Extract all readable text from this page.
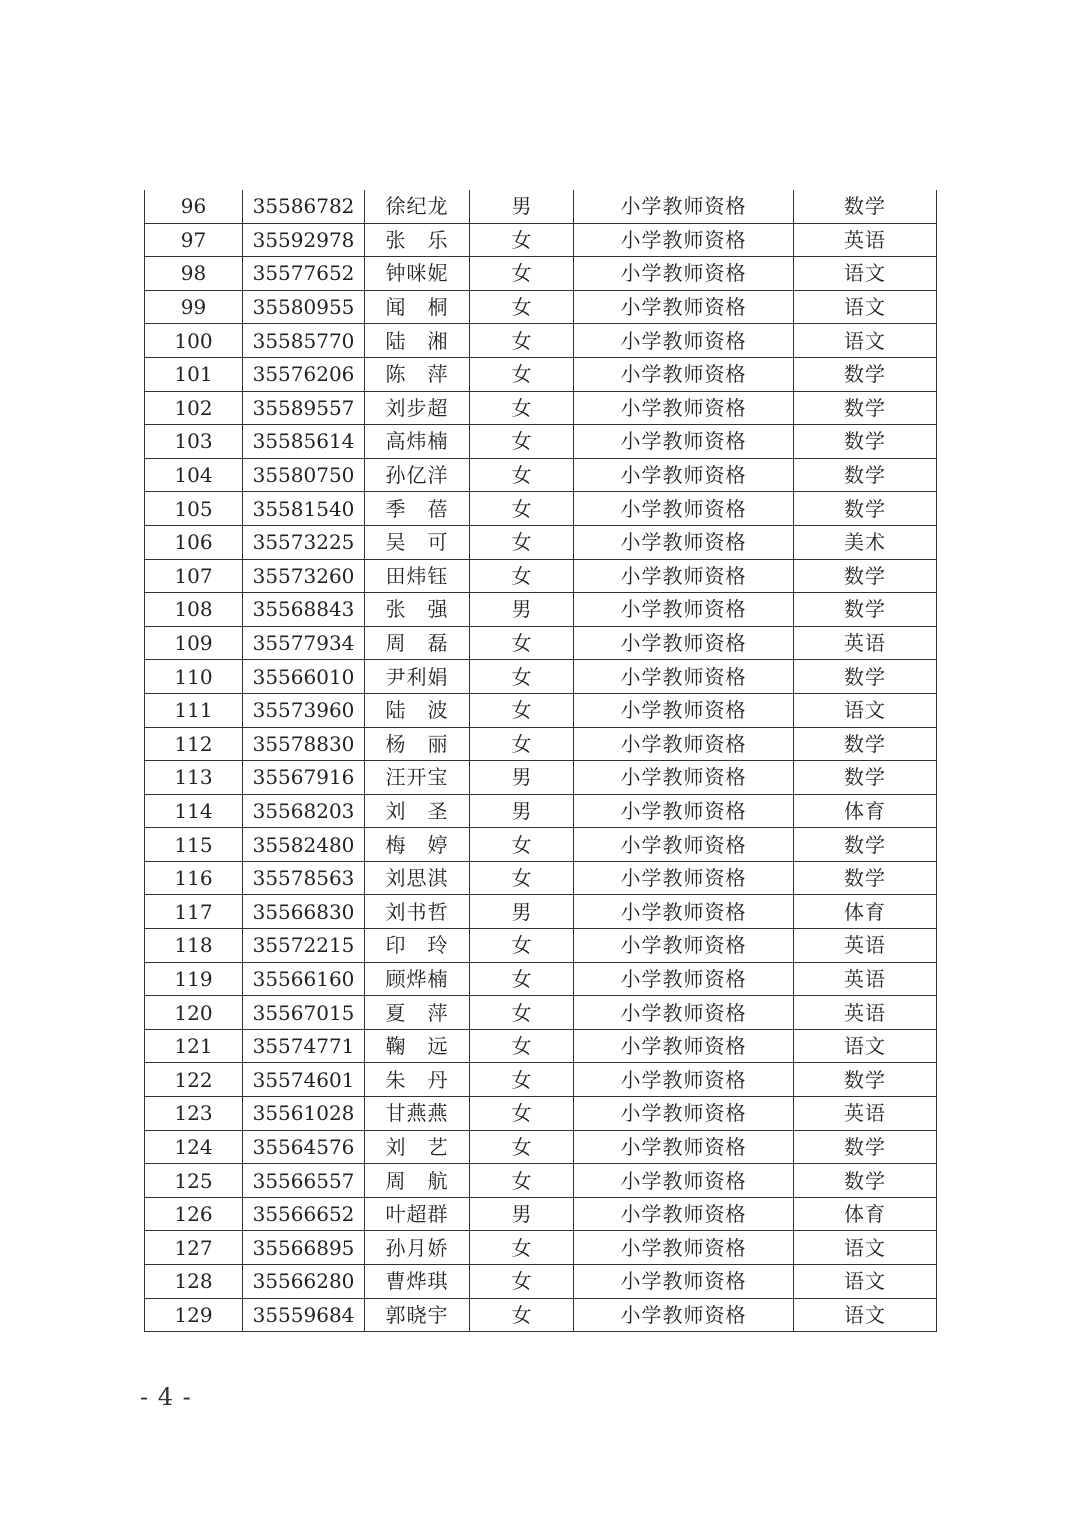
96	35586782	徐纪龙	男	小学教师资格	数学
97	35592978	张　乐	女	小学教师资格	英语
98	35577652	钟咪妮	女	小学教师资格	语文
99	35580955	闻　桐	女	小学教师资格	语文
100	35585770	陆　湘	女	小学教师资格	语文
101	35576206	陈　萍	女	小学教师资格	数学
102	35589557	刘步超	女	小学教师资格	数学
103	35585614	高炜楠	女	小学教师资格	数学
104	35580750	孙亿洋	女	小学教师资格	数学
105	35581540	季　蓓	女	小学教师资格	数学
106	35573225	吴　可	女	小学教师资格	美术
107	35573260	田炜钰	女	小学教师资格	数学
108	35568843	张　强	男	小学教师资格	数学
109	35577934	周　磊	女	小学教师资格	英语
110	35566010	尹利娟	女	小学教师资格	数学
111	35573960	陆　波	女	小学教师资格	语文
112	35578830	杨　丽	女	小学教师资格	数学
113	35567916	汪开宝	男	小学教师资格	数学
114	35568203	刘　圣	男	小学教师资格	体育
115	35582480	梅　婷	女	小学教师资格	数学
116	35578563	刘思淇	女	小学教师资格	数学
117	35566830	刘书哲	男	小学教师资格	体育
118	35572215	印　玲	女	小学教师资格	英语
119	35566160	顾烨楠	女	小学教师资格	英语
120	35567015	夏　萍	女	小学教师资格	英语
121	35574771	鞠　远	女	小学教师资格	语文
122	35574601	朱　丹	女	小学教师资格	数学
123	35561028	甘燕燕	女	小学教师资格	英语
124	35564576	刘　艺	女	小学教师资格	数学
125	35566557	周　航	女	小学教师资格	数学
126	35566652	叶超群	男	小学教师资格	体育
127	35566895	孙月娇	女	小学教师资格	语文
128	35566280	曹烨琪	女	小学教师资格	语文
129	35559684	郭晓宇	女	小学教师资格	语文
- 4 -
